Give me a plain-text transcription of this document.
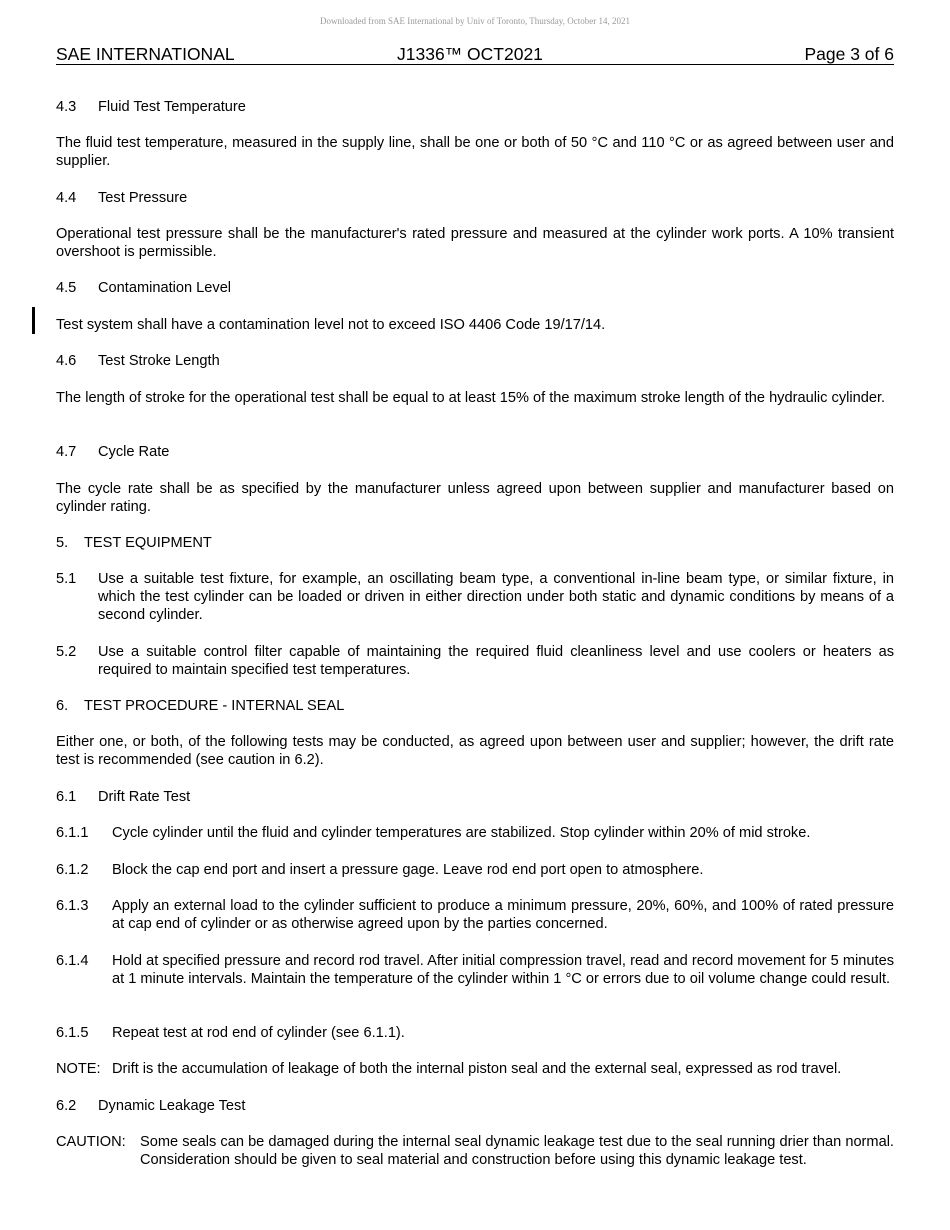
Downloaded from SAE International by Univ of Toronto, Thursday, October 14, 2021
SAE INTERNATIONAL	J1336™ OCT2021	Page 3 of 6
4.3 Fluid Test Temperature
The fluid test temperature, measured in the supply line, shall be one or both of 50 °C and 110 °C or as agreed between user and supplier.
4.4 Test Pressure
Operational test pressure shall be the manufacturer's rated pressure and measured at the cylinder work ports. A 10% transient overshoot is permissible.
4.5 Contamination Level
Test system shall have a contamination level not to exceed ISO 4406 Code 19/17/14.
4.6 Test Stroke Length
The length of stroke for the operational test shall be equal to at least 15% of the maximum stroke length of the hydraulic cylinder.
4.7 Cycle Rate
The cycle rate shall be as specified by the manufacturer unless agreed upon between supplier and manufacturer based on cylinder rating.
5. TEST EQUIPMENT
5.1 Use a suitable test fixture, for example, an oscillating beam type, a conventional in-line beam type, or similar fixture, in which the test cylinder can be loaded or driven in either direction under both static and dynamic conditions by means of a second cylinder.
5.2 Use a suitable control filter capable of maintaining the required fluid cleanliness level and use coolers or heaters as required to maintain specified test temperatures.
6. TEST PROCEDURE - INTERNAL SEAL
Either one, or both, of the following tests may be conducted, as agreed upon between user and supplier; however, the drift rate test is recommended (see caution in 6.2).
6.1 Drift Rate Test
6.1.1 Cycle cylinder until the fluid and cylinder temperatures are stabilized. Stop cylinder within 20% of mid stroke.
6.1.2 Block the cap end port and insert a pressure gage. Leave rod end port open to atmosphere.
6.1.3 Apply an external load to the cylinder sufficient to produce a minimum pressure, 20%, 60%, and 100% of rated pressure at cap end of cylinder or as otherwise agreed upon by the parties concerned.
6.1.4 Hold at specified pressure and record rod travel. After initial compression travel, read and record movement for 5 minutes at 1 minute intervals. Maintain the temperature of the cylinder within 1 °C or errors due to oil volume change could result.
6.1.5 Repeat test at rod end of cylinder (see 6.1.1).
NOTE: Drift is the accumulation of leakage of both the internal piston seal and the external seal, expressed as rod travel.
6.2 Dynamic Leakage Test
CAUTION: Some seals can be damaged during the internal seal dynamic leakage test due to the seal running drier than normal. Consideration should be given to seal material and construction before using this dynamic leakage test.
